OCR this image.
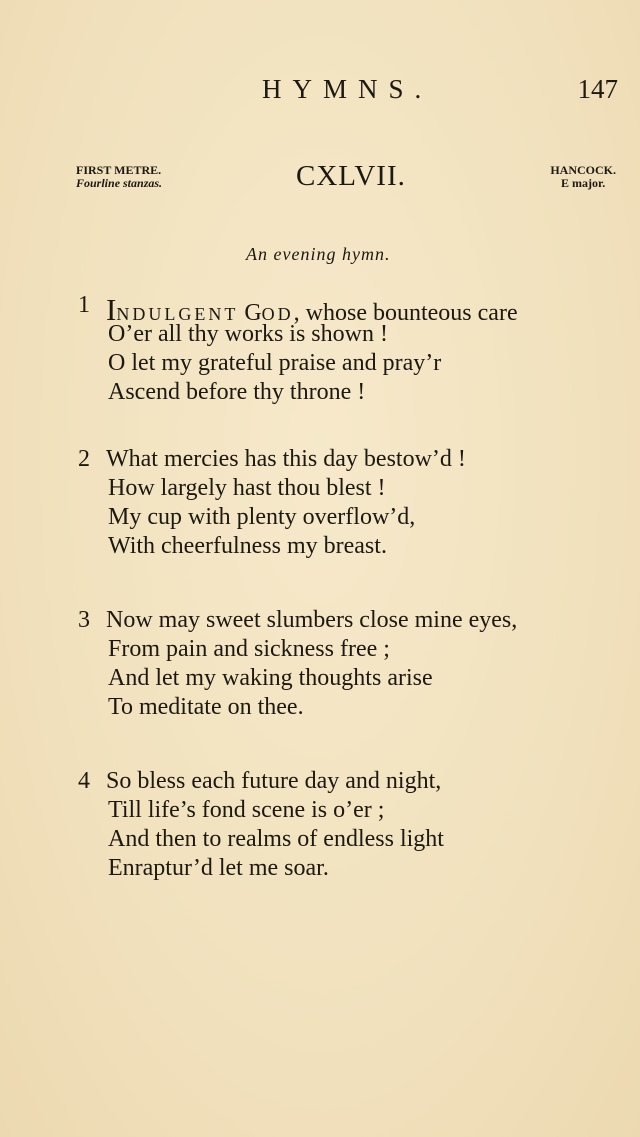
HYMNS.	147
FIRST METRE.
Fourline stanzas.	CXLVII.	HANCOCK.
E major.
An evening hymn.
1 INDULGENT GOD, whose bounteous care
O’er all thy works is shown !
O let my grateful praise and pray’r
Ascend before thy throne !
2 What mercies has this day bestow’d !
How largely hast thou blest !
My cup with plenty overflow’d,
With cheerfulness my breast.
3 Now may sweet slumbers close mine eyes,
From pain and sickness free ;
And let my waking thoughts arise
To meditate on thee.
4 So bless each future day and night,
Till life’s fond scene is o’er ;
And then to realms of endless light
Enraptur’d let me soar.
